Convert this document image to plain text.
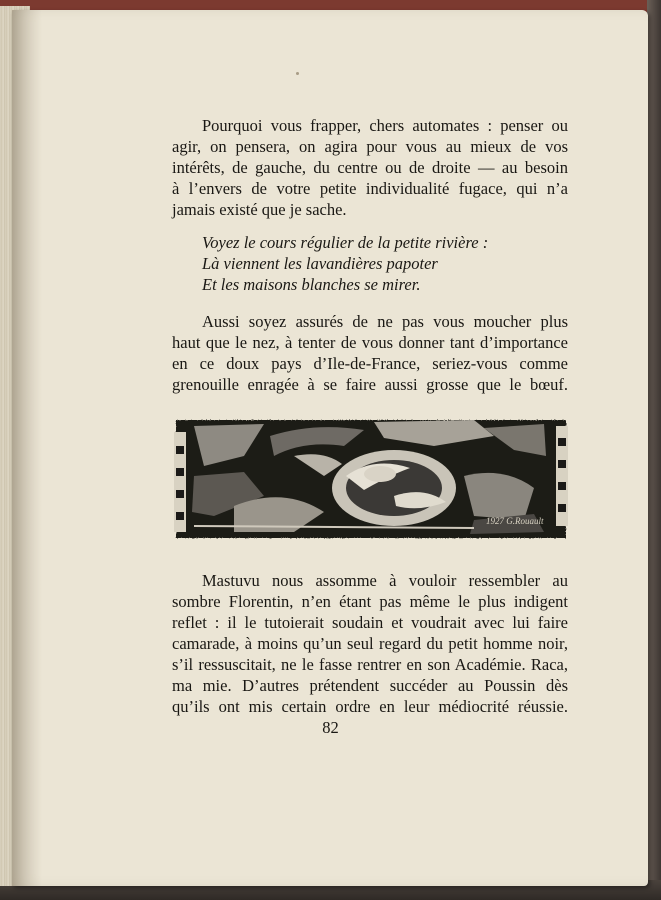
Pourquoi vous frapper, chers automates : penser ou

agir, on pensera, on agira pour vous au mieux de vos

intérêts, de gauche, du centre ou de droite — au besoin

à l’envers de votre petite individualité fugace, qui n’a

jamais existé que je sache.

Voyez le cours régulier de la petite rivière :
Là viennent les lavandières papoter
Et les maisons blanches se mirer.

Aussi soyez assurés de ne pas vous moucher plus

haut que le nez, à tenter de vous donner tant d’importance

en ce doux pays d’Ile-de-France, seriez-vous comme

grenouille enragée à se faire aussi grosse que le bœuf.

1927 G.Rouault

Mastuvu nous assomme à vouloir ressembler au

sombre Florentin, n’en étant pas même le plus indigent

reflet : il le tutoierait soudain et voudrait avec lui faire

camarade, à moins qu’un seul regard du petit homme noir,

s’il ressuscitait, ne le fasse rentrer en son Académie. Raca,

ma mie. D’autres prétendent succéder au Poussin dès

qu’ils ont mis certain ordre en leur médiocrité réussie.

82
